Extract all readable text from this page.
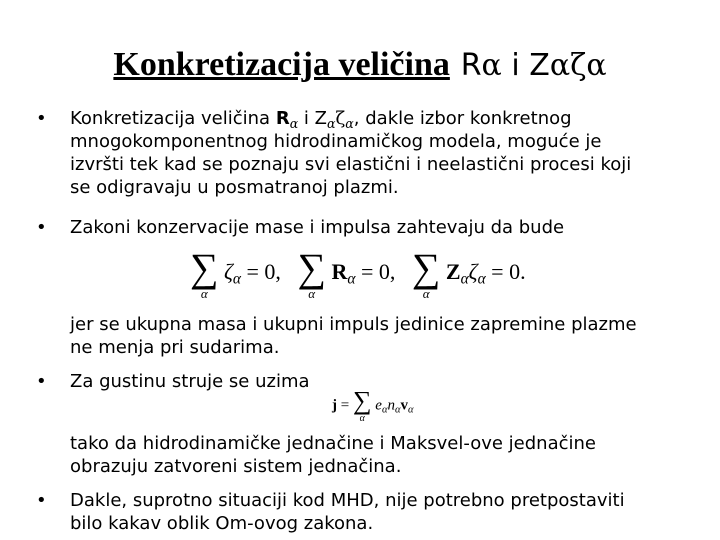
Konkretizacija veličina Rα i Zαζα
• Konkretizacija veličina $R_\alpha$ i $Z_\alpha\zeta_\alpha$, dakle izbor konkretnog
mnogokomponentnog hidrodinamičkog modela, moguće je
izvršti tek kad se poznaju svi elastični i neelastični procesi koji
se odigravaju u posmatranoj plazmi.
• Zakoni konzervacije mase i impulsa zahtevaju da bude
∑
α
$\zeta_\alpha = 0$, ∑
α
$R_\alpha = 0$, ∑
α
$Z_\alpha\zeta_\alpha = 0$.
jer se ukupna masa i ukupni impuls jedinice zapremine plazme
ne menja pri sudarima.
• Za gustinu struje se uzima
j = ∑
α
$e_\alpha n_\alpha v_\alpha$
tako da hidrodinamičke jednačine i Maksvel-ove jednačine
obrazuju zatvoreni sistem jednačina.
• Dakle, suprotno situaciji kod MHD, nije potrebno pretpostaviti
bilo kakav oblik Om-ovog zakona.
